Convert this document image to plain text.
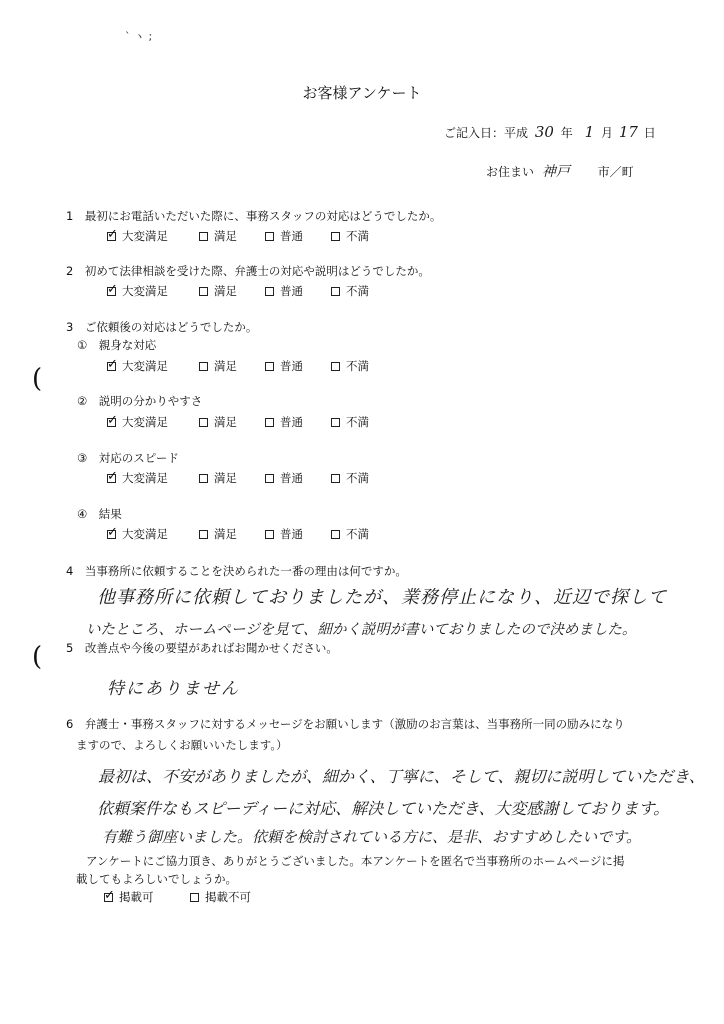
` ヽ ;
お客様アンケート
ご記入日：平成 30 年 1 月 17 日
お住まい 神戸 市／町
1　最初にお電話いただいた際に、事務スタッフの対応はどうでしたか。
✓
大変満足	満足	普通	不満
2　初めて法律相談を受けた際、弁護士の対応や説明はどうでしたか。
✓
大変満足	満足	普通	不満
3　ご依頼後の対応はどうでしたか。
①　親身な対応
✓
大変満足	満足	普通	不満
②　説明の分かりやすさ
✓
大変満足	満足	普通	不満
③　対応のスピード
✓
大変満足	満足	普通	不満
④　結果
✓
大変満足	満足	普通	不満
4　当事務所に依頼することを決められた一番の理由は何ですか。
他事務所に依頼しておりましたが、業務停止になり、近辺で探して
いたところ、ホームページを見て、細かく説明が書いておりましたので決めました。
5　改善点や今後の要望があればお聞かせください。
特にありません
6　弁護士・事務スタッフに対するメッセージをお願いします（激励のお言葉は、当事務所一同の励みになり
ますので、よろしくお願いいたします。）
最初は、不安がありましたが、細かく、丁寧に、そして、親切に説明していただき、
依頼案件なもスピーディーに対応、解決していただき、大変感謝しております。
有難う御座いました。依頼を検討されている方に、是非、おすすめしたいです。
アンケートにご協力頂き、ありがとうございました。本アンケートを匿名で当事務所のホームページに掲
載してもよろしいでしょうか。
✓
掲載可	掲載不可
(
(
